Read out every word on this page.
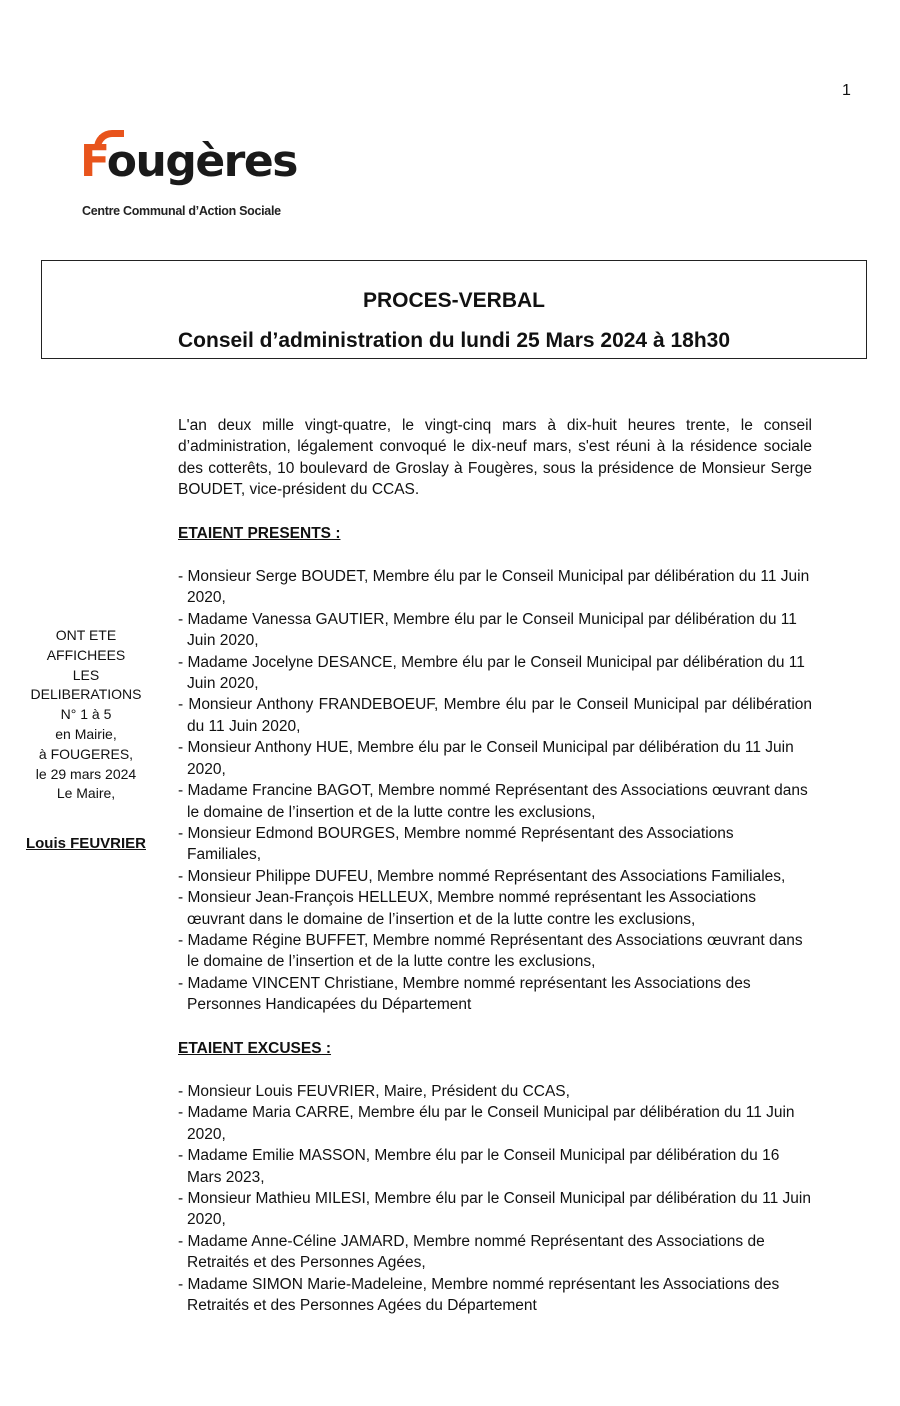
1
Fougères
Centre Communal d’Action Sociale
PROCES-VERBAL
Conseil d’administration du lundi 25 Mars 2024 à 18h30
ONT ETE AFFICHEES
LES DELIBERATIONS
N° 1 à 5
en Mairie,
à FOUGERES,
le 29 mars 2024
Le Maire,
Louis FEUVRIER

L'an deux mille vingt-quatre, le vingt-cinq mars à dix-huit heures trente, le conseil d’administration, légalement convoqué le dix-neuf mars, s'est réuni à la résidence sociale des cotterêts, 10 boulevard de Groslay à Fougères, sous la présidence de Monsieur Serge BOUDET, vice-président du CCAS.

ETAIENT PRESENTS :
- Monsieur Serge BOUDET, Membre élu par le Conseil Municipal par délibération du 11 Juin 2020,
- Madame Vanessa GAUTIER, Membre élu par le Conseil Municipal par délibération du 11 Juin 2020,
- Madame Jocelyne DESANCE, Membre élu par le Conseil Municipal par délibération du 11 Juin 2020,
- Monsieur Anthony FRANDEBOEUF, Membre élu par le Conseil Municipal par délibération du 11 Juin 2020,
- Monsieur Anthony HUE, Membre élu par le Conseil Municipal par délibération du 11 Juin 2020,
- Madame Francine BAGOT, Membre nommé Représentant des Associations œuvrant dans le domaine de l’insertion et de la lutte contre les exclusions,
- Monsieur Edmond BOURGES, Membre nommé Représentant des Associations Familiales,
- Monsieur Philippe DUFEU, Membre nommé Représentant des Associations Familiales,
- Monsieur Jean-François HELLEUX, Membre nommé représentant les Associations œuvrant dans le domaine de l’insertion et de la lutte contre les exclusions,
- Madame Régine BUFFET, Membre nommé Représentant des Associations œuvrant dans le domaine de l’insertion et de la lutte contre les exclusions,
- Madame VINCENT Christiane, Membre nommé représentant les Associations des Personnes Handicapées du Département
ETAIENT EXCUSES :
- Monsieur Louis FEUVRIER, Maire, Président du CCAS,
- Madame Maria CARRE, Membre élu par le Conseil Municipal par délibération du 11 Juin 2020,
- Madame Emilie MASSON, Membre élu par le Conseil Municipal par délibération du 16 Mars 2023,
- Monsieur Mathieu MILESI, Membre élu par le Conseil Municipal par délibération du 11 Juin 2020,
- Madame Anne-Céline JAMARD, Membre nommé Représentant des Associations de Retraités et des Personnes Agées,
- Madame SIMON Marie-Madeleine, Membre nommé représentant les Associations des Retraités et des Personnes Agées du Département
